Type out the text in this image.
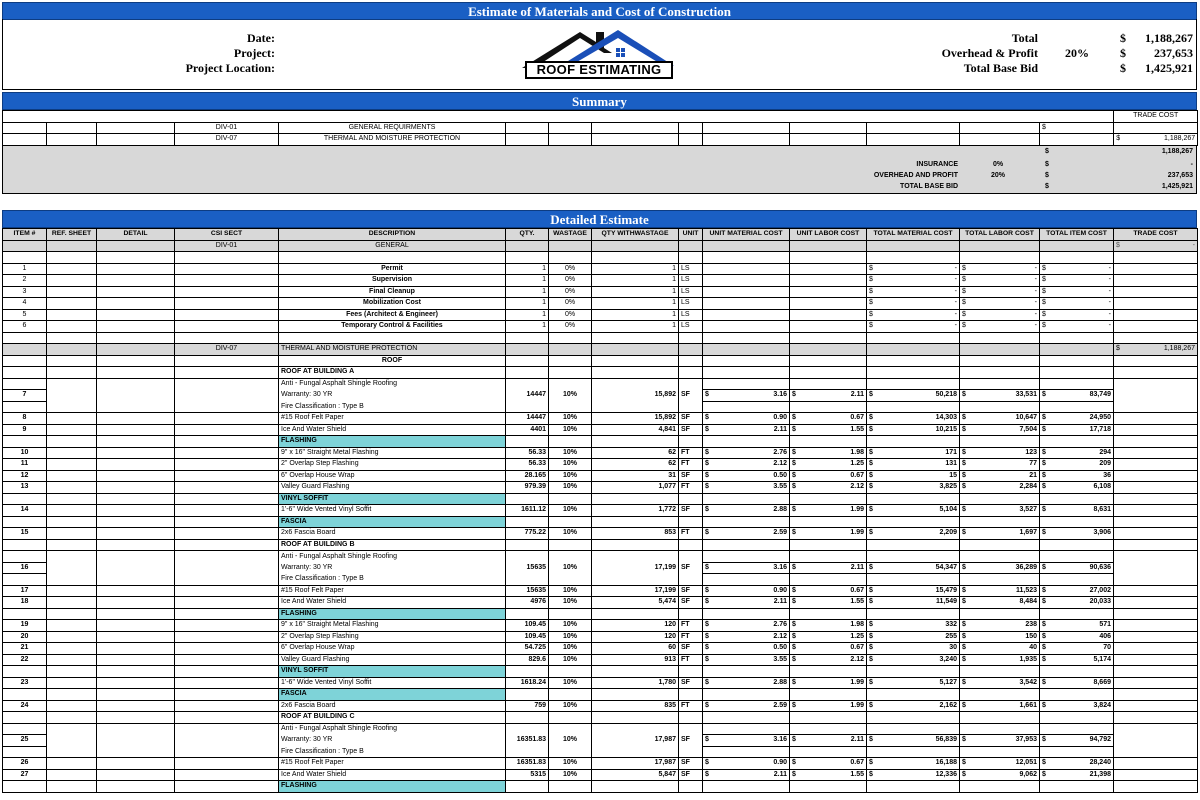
Estimate of Materials and Cost of Construction
Date:
Project:
Project Location:
Total
Overhead & Profit 20%
Total Base Bid
$
$
$
1,188,267
237,653
1,425,921
ROOF ESTIMATING
Summary
														TRADE COST
			DIV-01	GENERAL REQUIRMENTS									$	
			DIV-07	THERMAL AND MOISTURE PROTECTION										$ 1,188,267
$	1,188,267
INSURANCE	0%	$	-
OVERHEAD AND PROFIT	20%	$	237,653
TOTAL BASE BID	$	1,425,921
Detailed Estimate
ITEM #	REF. SHEET	DETAIL	CSI SECT	DESCRIPTION	QTY.	WASTAGE	QTY WITHWASTAGE	UNIT	UNIT MATERIAL COST	UNIT LABOR COST	TOTAL MATERIAL COST	TOTAL LABOR COST	TOTAL ITEM COST	TRADE COST
			DIV-01	GENERAL										$ -

1				Permit	1	0%	1	LS			$ -	$ -	$ -	

2				Supervision	1	0%	1	LS			$ -	$ -	$ -	

3				Final Cleanup	1	0%	1	LS			$ -	$ -	$ -	

4				Mobilization Cost	1	0%	1	LS			$ -	$ -	$ -	

5				Fees (Architect & Engineer)	1	0%	1	LS			$ -	$ -	$ -	

6				Temporary Control & Facilities	1	0%	1	LS			$ -	$ -	$ -	

			DIV-07	THERMAL AND MOISTURE PROTECTION										$ 1,188,267

				ROOF										
				ROOF AT BUILDING A										
				Anti - Fungal Asphalt Shingle Roofing										
7				Warranty: 30 YR	14447	10%	15,892	SF	$ 3.16	$ 2.11	$ 50,218	$ 33,531	$ 83,749	

				Fire Classification : Type B										
8				#15 Roof Felt Paper	14447	10%	15,892	SF	$ 0.90	$ 0.67	$ 14,303	$ 10,647	$ 24,950	

9				Ice And Water Shield	4401	10%	4,841	SF	$ 2.11	$ 1.55	$ 10,215	$ 7,504	$ 17,718	

				FLASHING										
10				9" x 16" Straight Metal Flashing	56.33	10%	62	FT	$ 2.76	$ 1.98	$ 171	$ 123	$ 294	

11				2" Overlap Step Flashing	56.33	10%	62	FT	$ 2.12	$ 1.25	$ 131	$ 77	$ 209	

12				6" Overlap House Wrap	28.165	10%	31	SF	$ 0.50	$ 0.67	$ 15	$ 21	$ 36	

13				Valley Guard Flashing	979.39	10%	1,077	FT	$ 3.55	$ 2.12	$ 3,825	$ 2,284	$ 6,108	

				VINYL SOFFIT										
14				1'-6" Wide Vented Vinyl Soffit	1611.12	10%	1,772	SF	$ 2.88	$ 1.99	$ 5,104	$ 3,527	$ 8,631	

				FASCIA										
15				2x6 Fascia Board	775.22	10%	853	FT	$ 2.59	$ 1.99	$ 2,209	$ 1,697	$ 3,906	

				ROOF AT BUILDING B										
				Anti - Fungal Asphalt Shingle Roofing										
16				Warranty: 30 YR	15635	10%	17,199	SF	$ 3.16	$ 2.11	$ 54,347	$ 36,289	$ 90,636	

				Fire Classification : Type B										
17				#15 Roof Felt Paper	15635	10%	17,199	SF	$ 0.90	$ 0.67	$ 15,479	$ 11,523	$ 27,002	

18				Ice And Water Shield	4976	10%	5,474	SF	$ 2.11	$ 1.55	$ 11,549	$ 8,484	$ 20,033	

				FLASHING										
19				9" x 16" Straight Metal Flashing	109.45	10%	120	FT	$ 2.76	$ 1.98	$ 332	$ 238	$ 571	

20				2" Overlap Step Flashing	109.45	10%	120	FT	$ 2.12	$ 1.25	$ 255	$ 150	$ 406	

21				6" Overlap House Wrap	54.725	10%	60	SF	$ 0.50	$ 0.67	$ 30	$ 40	$ 70	

22				Valley Guard Flashing	829.6	10%	913	FT	$ 3.55	$ 2.12	$ 3,240	$ 1,935	$ 5,174	

				VINYL SOFFIT										
23				1'-6" Wide Vented Vinyl Soffit	1618.24	10%	1,780	SF	$ 2.88	$ 1.99	$ 5,127	$ 3,542	$ 8,669	

				FASCIA										
24				2x6 Fascia Board	759	10%	835	FT	$ 2.59	$ 1.99	$ 2,162	$ 1,661	$ 3,824	

				ROOF AT BUILDING C										
				Anti - Fungal Asphalt Shingle Roofing										
25				Warranty: 30 YR	16351.83	10%	17,987	SF	$ 3.16	$ 2.11	$ 56,839	$ 37,953	$ 94,792	

				Fire Classification : Type B										
26				#15 Roof Felt Paper	16351.83	10%	17,987	SF	$ 0.90	$ 0.67	$ 16,188	$ 12,051	$ 28,240	

27				Ice And Water Shield	5315	10%	5,847	SF	$ 2.11	$ 1.55	$ 12,336	$ 9,062	$ 21,398	

				FLASHING										
